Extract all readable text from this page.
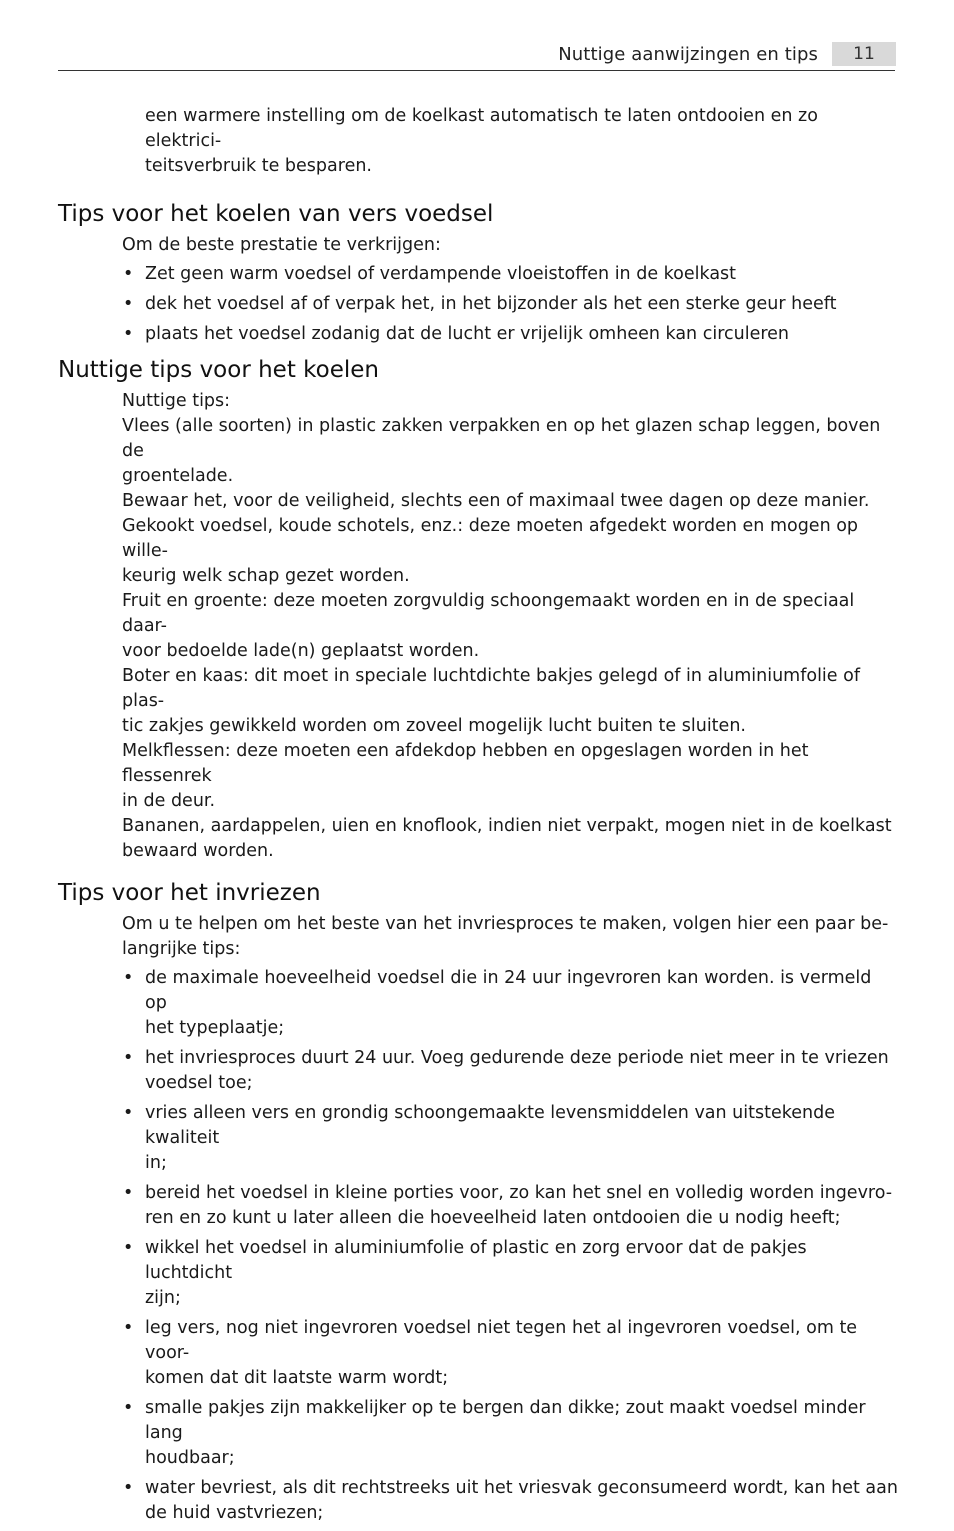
Nuttige aanwijzingen en tips	11

een warmere instelling om de koelkast automatisch te laten ontdooien en zo elektrici-

teitsverbruik te besparen.

Tips voor het koelen van vers voedsel

Om de beste prestatie te verkrijgen:

• Zet geen warm voedsel of verdampende vloeistoffen in de koelkast
• dek het voedsel af of verpak het, in het bijzonder als het een sterke geur heeft
• plaats het voedsel zodanig dat de lucht er vrijelijk omheen kan circuleren
Nuttige tips voor het koelen

Nuttige tips:

Vlees (alle soorten) in plastic zakken verpakken en op het glazen schap leggen, boven de

groentelade.

Bewaar het, voor de veiligheid, slechts een of maximaal twee dagen op deze manier.

Gekookt voedsel, koude schotels, enz.: deze moeten afgedekt worden en mogen op wille-

keurig welk schap gezet worden.

Fruit en groente: deze moeten zorgvuldig schoongemaakt worden en in de speciaal daar-

voor bedoelde lade(n) geplaatst worden.

Boter en kaas: dit moet in speciale luchtdichte bakjes gelegd of in aluminiumfolie of plas-

tic zakjes gewikkeld worden om zoveel mogelijk lucht buiten te sluiten.

Melkflessen: deze moeten een afdekdop hebben en opgeslagen worden in het flessenrek

in de deur.

Bananen, aardappelen, uien en knoflook, indien niet verpakt, mogen niet in de koelkast

bewaard worden.

Tips voor het invriezen

Om u te helpen om het beste van het invriesproces te maken, volgen hier een paar be-

langrijke tips:

• de maximale hoeveelheid voedsel die in 24 uur ingevroren kan worden. is vermeld op
het typeplaatje;
• het invriesproces duurt 24 uur. Voeg gedurende deze periode niet meer in te vriezen
voedsel toe;
• vries alleen vers en grondig schoongemaakte levensmiddelen van uitstekende kwaliteit
in;
• bereid het voedsel in kleine porties voor, zo kan het snel en volledig worden ingevro-
ren en zo kunt u later alleen die hoeveelheid laten ontdooien die u nodig heeft;
• wikkel het voedsel in aluminiumfolie of plastic en zorg ervoor dat de pakjes luchtdicht
zijn;
• leg vers, nog niet ingevroren voedsel niet tegen het al ingevroren voedsel, om te voor-
komen dat dit laatste warm wordt;
• smalle pakjes zijn makkelijker op te bergen dan dikke; zout maakt voedsel minder lang
houdbaar;
• water bevriest, als dit rechtstreeks uit het vriesvak geconsumeerd wordt, kan het aan
de huid vastvriezen;
